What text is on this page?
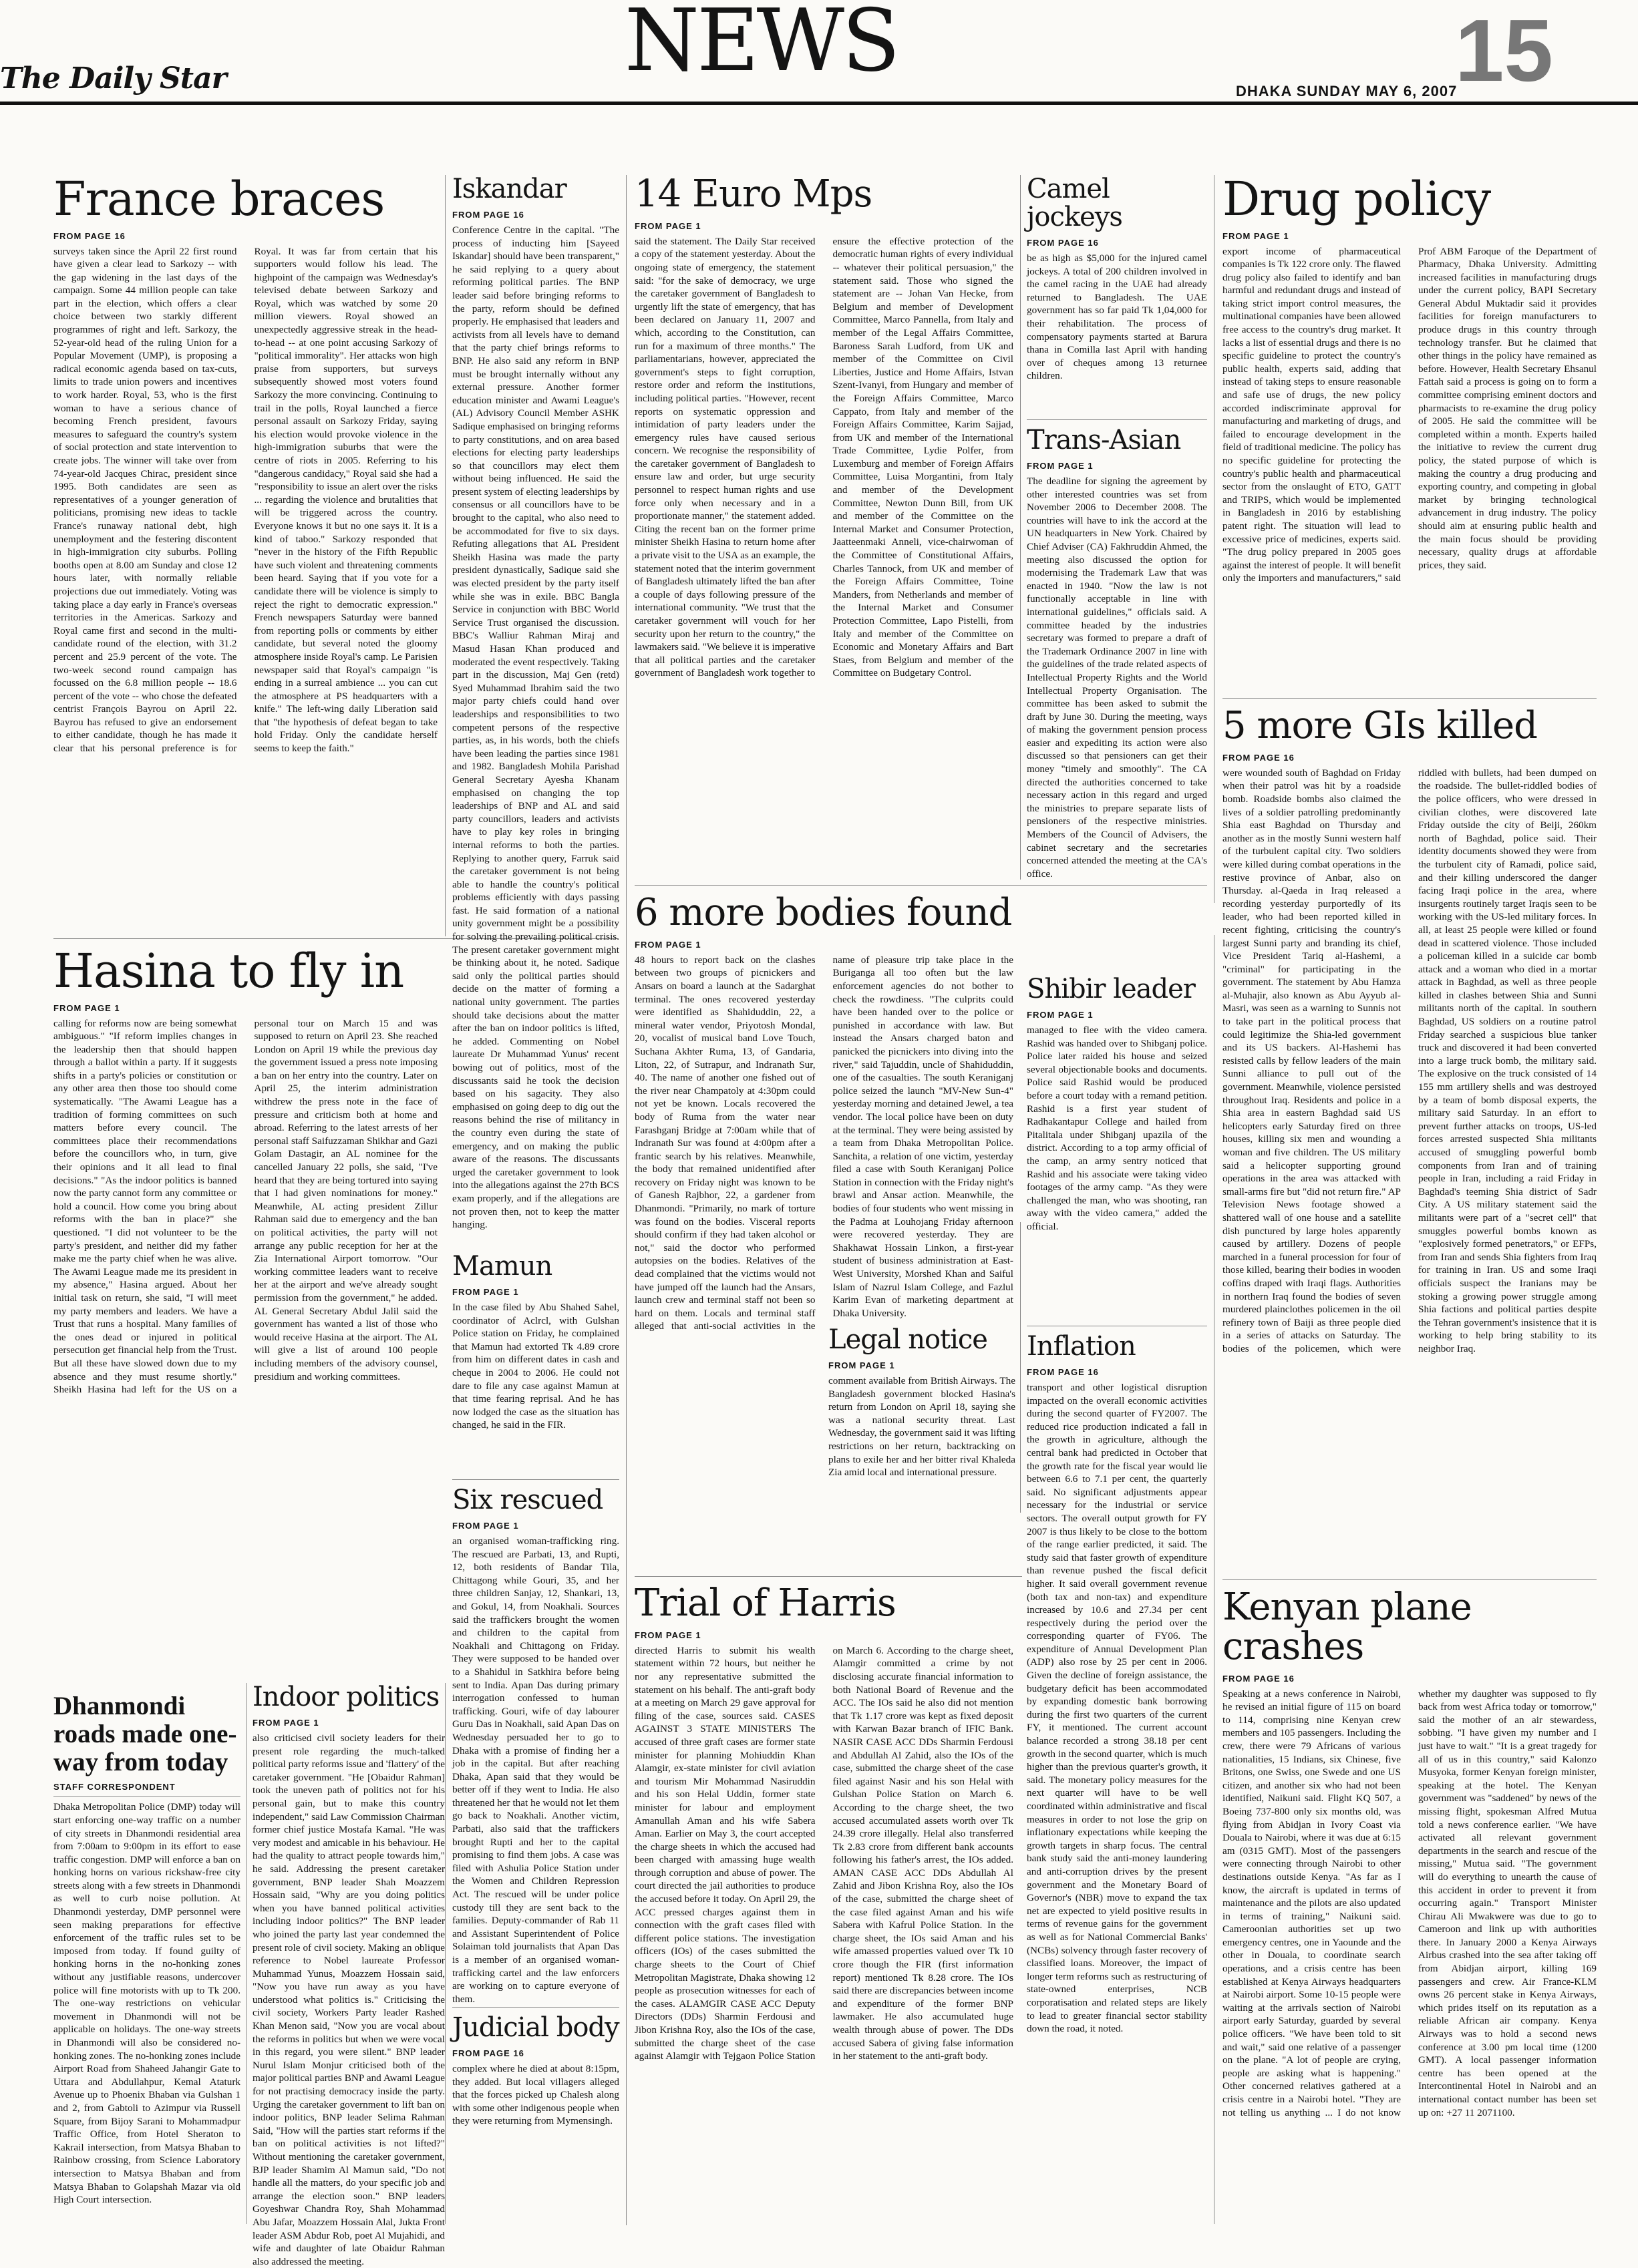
The Daily Star	NEWS
DHAKA SUNDAY MAY 6, 2007
15
France braces
FROM PAGE 16
surveys taken since the April 22 first round have given a clear lead to Sarkozy -- with the gap widening in the last days of the campaign. Some 44 million people can take part in the election, which offers a clear choice between two starkly different programmes of right and left. Sarkozy, the 52-year-old head of the ruling Union for a Popular Movement (UMP), is proposing a radical economic agenda based on tax-cuts, limits to trade union powers and incentives to work harder. Royal, 53, who is the first woman to have a serious chance of becoming French president, favours measures to safeguard the country's system of social protection and state intervention to create jobs. The winner will take over from 74-year-old Jacques Chirac, president since 1995. Both candidates are seen as representatives of a younger generation of politicians, promising new ideas to tackle France's runaway national debt, high unemployment and the festering discontent in high-immigration city suburbs. Polling booths open at 8.00 am Sunday and close 12 hours later, with normally reliable projections due out immediately. Voting was taking place a day early in France's overseas territories in the Americas. Sarkozy and Royal came first and second in the multi-candidate round of the election, with 31.2 percent and 25.9 percent of the vote. The two-week second round campaign has focussed on the 6.8 million people -- 18.6 percent of the vote -- who chose the defeated centrist François Bayrou on April 22. Bayrou has refused to give an endorsement to either candidate, though he has made it clear that his personal preference is for Royal. It was far from certain that his supporters would follow his lead. The highpoint of the campaign was Wednesday's televised debate between Sarkozy and Royal, which was watched by some 20 million viewers. Royal showed an unexpectedly aggressive streak in the head-to-head -- at one point accusing Sarkozy of "political immorality". Her attacks won high praise from supporters, but surveys subsequently showed most voters found Sarkozy the more convincing. Continuing to trail in the polls, Royal launched a fierce personal assault on Sarkozy Friday, saying his election would provoke violence in the high-immigration suburbs that were the centre of riots in 2005. Referring to his "dangerous candidacy," Royal said she had a "responsibility to issue an alert over the risks ... regarding the violence and brutalities that will be triggered across the country. Everyone knows it but no one says it. It is a kind of taboo." Sarkozy responded that "never in the history of the Fifth Republic have such violent and threatening comments been heard. Saying that if you vote for a candidate there will be violence is simply to reject the right to democratic expression." French newspapers Saturday were banned from reporting polls or comments by either candidate, but several noted the gloomy atmosphere inside Royal's camp. Le Parisien newspaper said that Royal's campaign "is ending in a surreal ambience ... you can cut the atmosphere at PS headquarters with a knife." The left-wing daily Liberation said that "the hypothesis of defeat began to take hold Friday. Only the candidate herself seems to keep the faith."
Iskandar
FROM PAGE 16
Conference Centre in the capital. "The process of inducting him [Sayeed Iskandar] should have been transparent," he said replying to a query about reforming political parties. The BNP leader said before bringing reforms to the party, reform should be defined properly. He emphasised that leaders and activists from all levels have to demand that the party chief brings reforms to BNP. He also said any reform in BNP must be brought internally without any external pressure. Another former education minister and Awami League's (AL) Advisory Council Member ASHK Sadique emphasised on bringing reforms to party constitutions, and on area based elections for electing party leaderships so that councillors may elect them without being influenced. He said the present system of electing leaderships by consensus or all councillors have to be brought to the capital, who also need to be accommodated for five to six days. Refuting allegations that AL President Sheikh Hasina was made the party president dynastically, Sadique said she was elected president by the party itself while she was in exile. BBC Bangla Service in conjunction with BBC World Service Trust organised the discussion. BBC's Walliur Rahman Miraj and Masud Hasan Khan produced and moderated the event respectively. Taking part in the discussion, Maj Gen (retd) Syed Muhammad Ibrahim said the two major party chiefs could hand over leaderships and responsibilities to two competent persons of the respective parties, as, in his words, both the chiefs have been leading the parties since 1981 and 1982. Bangladesh Mohila Parishad General Secretary Ayesha Khanam emphasised on changing the top leaderships of BNP and AL and said party councillors, leaders and activists have to play key roles in bringing internal reforms to both the parties. Replying to another query, Farruk said the caretaker government is not being able to handle the country's political problems efficiently with days passing fast. He said formation of a national unity government might be a possibility for solving the prevailing political crisis. The present caretaker government might be thinking about it, he noted. Sadique said only the political parties should decide on the matter of forming a national unity government. The parties should take decisions about the matter after the ban on indoor politics is lifted, he added. Commenting on Nobel laureate Dr Muhammad Yunus' recent bowing out of politics, most of the discussants said he took the decision based on his sagacity. They also emphasised on going deep to dig out the reasons behind the rise of militancy in the country even during the state of emergency, and on making the public aware of the reasons. The discussants urged the caretaker government to look into the allegations against the 27th BCS exam properly, and if the allegations are not proven then, not to keep the matter hanging.
Hasina to fly in
FROM PAGE 1
calling for reforms now are being somewhat ambiguous." "If reform implies changes in the leadership then that should happen through a ballot within a party. If it suggests shifts in a party's policies or constitution or any other area then those too should come systematically. "The Awami League has a tradition of forming committees on such matters before every council. The committees place their recommendations before the councillors who, in turn, give their opinions and it all lead to final decisions." "As the indoor politics is banned now the party cannot form any committee or hold a council. How come you bring about reforms with the ban in place?" she questioned. "I did not volunteer to be the party's president, and neither did my father make me the party chief when he was alive. The Awami League made me its president in my absence," Hasina argued. About her initial task on return, she said, "I will meet my party members and leaders. We have a Trust that runs a hospital. Many families of the ones dead or injured in political persecution get financial help from the Trust. But all these have slowed down due to my absence and they must resume shortly." Sheikh Hasina had left for the US on a personal tour on March 15 and was supposed to return on April 23. She reached London on April 19 while the previous day the government issued a press note imposing a ban on her entry into the country. Later on April 25, the interim administration withdrew the press note in the face of pressure and criticism both at home and abroad. Referring to the latest arrests of her personal staff Saifuzzaman Shikhar and Gazi Golam Dastagir, an AL nominee for the cancelled January 22 polls, she said, "I've heard that they are being tortured into saying that I had given nominations for money." Meanwhile, AL acting president Zillur Rahman said due to emergency and the ban on political activities, the party will not arrange any public reception for her at the Zia International Airport tomorrow. "Our working committee leaders want to receive her at the airport and we've already sought permission from the government," he added. AL General Secretary Abdul Jalil said the government has wanted a list of those who would receive Hasina at the airport. The AL will give a list of around 100 people including members of the advisory counsel, presidium and working committees.
Mamun
FROM PAGE 1
In the case filed by Abu Shahed Sahel, coordinator of Aclrcl, with Gulshan Police station on Friday, he complained that Mamun had extorted Tk 4.89 crore from him on different dates in cash and cheque in 2004 to 2006. He could not dare to file any case against Mamun at that time fearing reprisal. And he has now lodged the case as the situation has changed, he said in the FIR.
Dhanmondi roads made one-way from today
STAFF CORRESPONDENT
Dhaka Metropolitan Police (DMP) today will start enforcing one-way traffic on a number of city streets in Dhanmondi residential area from 7:00am to 9:00pm in its effort to ease traffic congestion. DMP will enforce a ban on honking horns on various rickshaw-free city streets along with a few streets in Dhanmondi as well to curb noise pollution. At Dhanmondi yesterday, DMP personnel were seen making preparations for effective enforcement of the traffic rules set to be imposed from today. If found guilty of honking horns in the no-honking zones without any justifiable reasons, undercover police will fine motorists with up to Tk 200. The one-way restrictions on vehicular movement in Dhanmondi will not be applicable on holidays. The one-way streets in Dhanmondi will also be considered no-honking zones. The no-honking zones include Airport Road from Shaheed Jahangir Gate to Uttara and Abdullahpur, Kemal Ataturk Avenue up to Phoenix Bhaban via Gulshan 1 and 2, from Gabtoli to Azimpur via Russell Square, from Bijoy Sarani to Mohammadpur Traffic Office, from Hotel Sheraton to Kakrail intersection, from Matsya Bhaban to Rainbow crossing, from Science Laboratory intersection to Matsya Bhaban and from Matsya Bhaban to Golapshah Mazar via old High Court intersection.
Indoor politics
FROM PAGE 1
also criticised civil society leaders for their present role regarding the much-talked political party reforms issue and 'flattery' of the caretaker government. "He [Obaidur Rahman] took the uneven path of politics not for his personal gain, but to make this country independent," said Law Commission Chairman former chief justice Mostafa Kamal. "He was very modest and amicable in his behaviour. He had the quality to attract people towards him," he said. Addressing the present caretaker government, BNP leader Shah Moazzem Hossain said, "Why are you doing politics when you have banned political activities including indoor politics?" The BNP leader who joined the party last year condemned the present role of civil society. Making an oblique reference to Nobel laureate Professor Muhammad Yunus, Moazzem Hossain said, "Now you have run away as you have understood what politics is." Criticising the civil society, Workers Party leader Rashed Khan Menon said, "Now you are vocal about the reforms in politics but when we were vocal in this regard, you were silent." BNP leader Nurul Islam Monjur criticised both of the major political parties BNP and Awami League for not practising democracy inside the party. Urging the caretaker government to lift ban on indoor politics, BNP leader Selima Rahman Said, "How will the parties start reforms if the ban on political activities is not lifted?" Without mentioning the caretaker government, BJP leader Shamim Al Mamun said, "Do not handle all the matters, do your specific job and arrange the election soon." BNP leaders Goyeshwar Chandra Roy, Shah Mohammad Abu Jafar, Moazzem Hossain Alal, Jukta Front leader ASM Abdur Rob, poet Al Mujahidi, and wife and daughter of late Obaidur Rahman also addressed the meeting.
Six rescued
FROM PAGE 1
an organised woman-trafficking ring. The rescued are Parbati, 13, and Rupti, 12, both residents of Bandar Tila, Chittagong while Gouri, 35, and her three children Sanjay, 12, Shankari, 13, and Gokul, 14, from Noakhali. Sources said the traffickers brought the women and children to the capital from Noakhali and Chittagong on Friday. They were supposed to be handed over to a Shahidul in Satkhira before being sent to India. Apan Das during primary interrogation confessed to human trafficking. Gouri, wife of day labourer Guru Das in Noakhali, said Apan Das on Wednesday persuaded her to go to Dhaka with a promise of finding her a job in the capital. But after reaching Dhaka, Apan said that they would be better off if they went to India. He also threatened her that he would not let them go back to Noakhali. Another victim, Parbati, also said that the traffickers brought Rupti and her to the capital promising to find them jobs. A case was filed with Ashulia Police Station under the Women and Children Repression Act. The rescued will be under police custody till they are sent back to the families. Deputy-commander of Rab 11 and Assistant Superintendent of Police Solaiman told journalists that Apan Das is a member of an organised woman-trafficking cartel and the law enforcers are working on to capture everyone of them.
Judicial body
FROM PAGE 16
complex where he died at about 8:15pm, they added. But local villagers alleged that the forces picked up Chalesh along with some other indigenous people when they were returning from Mymensingh.
14 Euro Mps
FROM PAGE 1
said the statement. The Daily Star received a copy of the statement yesterday. About the ongoing state of emergency, the statement said: "for the sake of democracy, we urge the caretaker government of Bangladesh to urgently lift the state of emergency, that has been declared on January 11, 2007 and which, according to the Constitution, can run for a maximum of three months." The parliamentarians, however, appreciated the government's steps to fight corruption, restore order and reform the institutions, including political parties. "However, recent reports on systematic oppression and intimidation of party leaders under the emergency rules have caused serious concern. We recognise the responsibility of the caretaker government of Bangladesh to ensure law and order, but urge security personnel to respect human rights and use force only when necessary and in a proportionate manner," the statement added. Citing the recent ban on the former prime minister Sheikh Hasina to return home after a private visit to the USA as an example, the statement noted that the interim government of Bangladesh ultimately lifted the ban after a couple of days following pressure of the international community. "We trust that the caretaker government will vouch for her security upon her return to the country," the lawmakers said. "We believe it is imperative that all political parties and the caretaker government of Bangladesh work together to ensure the effective protection of the democratic human rights of every individual -- whatever their political persuasion," the statement said. Those who signed the statement are -- Johan Van Hecke, from Belgium and member of Development Committee, Marco Pannella, from Italy and member of the Legal Affairs Committee, Baroness Sarah Ludford, from UK and member of the Committee on Civil Liberties, Justice and Home Affairs, Istvan Szent-Ivanyi, from Hungary and member of the Foreign Affairs Committee, Marco Cappato, from Italy and member of the Foreign Affairs Committee, Karim Sajjad, from UK and member of the International Trade Committee, Lydie Polfer, from Luxemburg and member of Foreign Affairs Committee, Luisa Morgantini, from Italy and member of the Development Committee, Newton Dunn Bill, from UK and member of the Committee on the Internal Market and Consumer Protection, Jaatteenmaki Anneli, vice-chairwoman of the Committee of Constitutional Affairs, Charles Tannock, from UK and member of the Foreign Affairs Committee, Toine Manders, from Netherlands and member of the Internal Market and Consumer Protection Committee, Lapo Pistelli, from Italy and member of the Committee on Economic and Monetary Affairs and Bart Staes, from Belgium and member of the Committee on Budgetary Control.
Camel jockeys
FROM PAGE 16
be as high as $5,000 for the injured camel jockeys. A total of 200 children involved in the camel racing in the UAE had already returned to Bangladesh. The UAE government has so far paid Tk 1,04,000 for their rehabilitation. The process of compensatory payments started at Barura thana in Comilla last April with handing over of cheques among 13 returnee children.
Trans-Asian
FROM PAGE 1
The deadline for signing the agreement by other interested countries was set from November 2006 to December 2008. The countries will have to ink the accord at the UN headquarters in New York. Chaired by Chief Adviser (CA) Fakhruddin Ahmed, the meeting also discussed the option for modernising the Trademark Law that was enacted in 1940. "Now the law is not functionally acceptable in line with international guidelines," officials said. A committee headed by the industries secretary was formed to prepare a draft of the Trademark Ordinance 2007 in line with the guidelines of the trade related aspects of Intellectual Property Rights and the World Intellectual Property Organisation. The committee has been asked to submit the draft by June 30. During the meeting, ways of making the government pension process easier and expediting its action were also discussed so that pensioners can get their money "timely and smoothly". The CA directed the authorities concerned to take necessary action in this regard and urged the ministries to prepare separate lists of pensioners of the respective ministries. Members of the Council of Advisers, the cabinet secretary and the secretaries concerned attended the meeting at the CA's office.
Drug policy
FROM PAGE 1
export income of pharmaceutical companies is Tk 122 crore only. The flawed drug policy also failed to identify and ban harmful and redundant drugs and instead of taking strict import control measures, the multinational companies have been allowed free access to the country's drug market. It lacks a list of essential drugs and there is no specific guideline to protect the country's public health, experts said, adding that instead of taking steps to ensure reasonable and safe use of drugs, the new policy accorded indiscriminate approval for manufacturing and marketing of drugs, and failed to encourage development in the field of traditional medicine. The policy has no specific guideline for protecting the country's public health and pharmaceutical sector from the onslaught of ETO, GATT and TRIPS, which would be implemented in Bangladesh in 2016 by establishing patent right. The situation will lead to excessive price of medicines, experts said. "The drug policy prepared in 2005 goes against the interest of people. It will benefit only the importers and manufacturers," said Prof ABM Faroque of the Department of Pharmacy, Dhaka University. Admitting increased facilities in manufacturing drugs under the current policy, BAPI Secretary General Abdul Muktadir said it provides facilities for foreign manufacturers to produce drugs in this country through technology transfer. But he claimed that other things in the policy have remained as before. However, Health Secretary Ehsanul Fattah said a process is going on to form a committee comprising eminent doctors and pharmacists to re-examine the drug policy of 2005. He said the committee will be completed within a month. Experts hailed the initiative to review the current drug policy, the stated purpose of which is making the country a drug producing and exporting country, and competing in global market by bringing technological advancement in drug industry. The policy should aim at ensuring public health and the main focus should be providing necessary, quality drugs at affordable prices, they said.
5 more GIs killed
FROM PAGE 16
were wounded south of Baghdad on Friday when their patrol was hit by a roadside bomb. Roadside bombs also claimed the lives of a soldier patrolling predominantly Shia east Baghdad on Thursday and another as in the mostly Sunni western half of the turbulent capital city. Two soldiers were killed during combat operations in the restive province of Anbar, also on Thursday. al-Qaeda in Iraq released a recording yesterday purportedly of its leader, who had been reported killed in recent fighting, criticising the country's largest Sunni party and branding its chief, Vice President Tariq al-Hashemi, a "criminal" for participating in the government. The statement by Abu Hamza al-Muhajir, also known as Abu Ayyub al-Masri, was seen as a warning to Sunnis not to take part in the political process that could legitimize the Shia-led government and its US backers. Al-Hashemi has resisted calls by fellow leaders of the main Sunni alliance to pull out of the government. Meanwhile, violence persisted throughout Iraq. Residents and police in a Shia area in eastern Baghdad said US helicopters early Saturday fired on three houses, killing six men and wounding a woman and five children. The US military said a helicopter supporting ground operations in the area was attacked with small-arms fire but "did not return fire." AP Television News footage showed a shattered wall of one house and a satellite dish punctured by large holes apparently caused by artillery. Dozens of people marched in a funeral procession for four of those killed, bearing their bodies in wooden coffins draped with Iraqi flags. Authorities in northern Iraq found the bodies of seven murdered plainclothes policemen in the oil refinery town of Baiji as three people died in a series of attacks on Saturday. The bodies of the policemen, which were riddled with bullets, had been dumped on the roadside. The bullet-riddled bodies of the police officers, who were dressed in civilian clothes, were discovered late Friday outside the city of Beiji, 260km north of Baghdad, police said. Their identity documents showed they were from the turbulent city of Ramadi, police said, and their killing underscored the danger facing Iraqi police in the area, where insurgents routinely target Iraqis seen to be working with the US-led military forces. In all, at least 25 people were killed or found dead in scattered violence. Those included a policeman killed in a suicide car bomb attack and a woman who died in a mortar attack in Baghdad, as well as three people killed in clashes between Shia and Sunni militants north of the capital. In southern Baghdad, US soldiers on a routine patrol Friday searched a suspicious blue tanker truck and discovered it had been converted into a large truck bomb, the military said. The explosive on the truck consisted of 14 155 mm artillery shells and was destroyed by a team of bomb disposal experts, the military said Saturday. In an effort to prevent further attacks on troops, US-led forces arrested suspected Shia militants accused of smuggling powerful bomb components from Iran and of training people in Iran, including a raid Friday in Baghdad's teeming Shia district of Sadr City. A US military statement said the militants were part of a "secret cell" that smuggles powerful bombs known as "explosively formed penetrators," or EFPs, from Iran and sends Shia fighters from Iraq for training in Iran. US and some Iraqi officials suspect the Iranians may be stoking a growing power struggle among Shia factions and political parties despite the Tehran government's insistence that it is working to help bring stability to its neighbor Iraq.
6 more bodies found
FROM PAGE 1
48 hours to report back on the clashes between two groups of picnickers and Ansars on board a launch at the Sadarghat terminal. The ones recovered yesterday were identified as Shahiduddin, 22, a mineral water vendor, Priyotosh Mondal, 20, vocalist of musical band Love Touch, Suchana Akhter Ruma, 13, of Gandaria, Liton, 22, of Sutrapur, and Indranath Sur, 40. The name of another one fished out of the river near Champatoly at 4:30pm could not yet be known. Locals recovered the body of Ruma from the water near Farashganj Bridge at 7:00am while that of Indranath Sur was found at 4:00pm after a frantic search by his relatives. Meanwhile, the body that remained unidentified after recovery on Friday night was known to be of Ganesh Rajbhor, 22, a gardener from Dhanmondi. "Primarily, no mark of torture was found on the bodies. Visceral reports should confirm if they had taken alcohol or not," said the doctor who performed autopsies on the bodies. Relatives of the dead complained that the victims would not have jumped off the launch had the Ansars, launch crew and terminal staff not been so hard on them. Locals and terminal staff alleged that anti-social activities in the name of pleasure trip take place in the Buriganga all too often but the law enforcement agencies do not bother to check the rowdiness. "The culprits could have been handed over to the police or punished in accordance with law. But instead the Ansars charged baton and panicked the picnickers into diving into the river," said Tajuddin, uncle of Shahiduddin, one of the casualties. The south Keraniganj police seized the launch "MV-New Sun-4" yesterday morning and detained Jewel, a tea vendor. The local police have been on duty at the terminal. They were being assisted by a team from Dhaka Metropolitan Police. Sanchita, a relation of one victim, yesterday filed a case with South Keraniganj Police Station in connection with the Friday night's brawl and Ansar action. Meanwhile, the bodies of four students who went missing in the Padma at Louhojang Friday afternoon were recovered yesterday. They are Shakhawat Hossain Linkon, a first-year student of business administration at East-West University, Morshed Khan and Saiful Islam of Nazrul Islam College, and Fazlul Karim Evan of marketing department at Dhaka University.
Shibir leader
FROM PAGE 1
managed to flee with the video camera. Rashid was handed over to Shibganj police. Police later raided his house and seized several objectionable books and documents. Police said Rashid would be produced before a court today with a remand petition. Rashid is a first year student of Radhakantapur College and hailed from Pitalitala under Shibganj upazila of the district. According to a top army official of the camp, an army sentry noticed that Rashid and his associate were taking video footages of the army camp. "As they were challenged the man, who was shooting, ran away with the video camera," added the official.
Legal notice
FROM PAGE 1
comment available from British Airways. The Bangladesh government blocked Hasina's return from London on April 18, saying she was a national security threat. Last Wednesday, the government said it was lifting restrictions on her return, backtracking on plans to exile her and her bitter rival Khaleda Zia amid local and international pressure.
Inflation
FROM PAGE 16
transport and other logistical disruption impacted on the overall economic activities during the second quarter of FY2007. The reduced rice production indicated a fall in the growth in agriculture, although the central bank had predicted in October that the growth rate for the fiscal year would lie between 6.6 to 7.1 per cent, the quarterly said. No significant adjustments appear necessary for the industrial or service sectors. The overall output growth for FY 2007 is thus likely to be close to the bottom of the range earlier predicted, it said. The study said that faster growth of expenditure than revenue pushed the fiscal deficit higher. It said overall government revenue (both tax and non-tax) and expenditure increased by 10.6 and 27.34 per cent respectively during the period over the corresponding quarter of FY06. The expenditure of Annual Development Plan (ADP) also rose by 25 per cent in 2006. Given the decline of foreign assistance, the budgetary deficit has been accommodated by expanding domestic bank borrowing during the first two quarters of the current FY, it mentioned. The current account balance recorded a strong 38.18 per cent growth in the second quarter, which is much higher than the previous quarter's growth, it said. The monetary policy measures for the next quarter will have to be well coordinated within administrative and fiscal measures in order to not lose the grip on inflationary expectations while keeping the growth targets in sharp focus. The central bank study said the anti-money laundering and anti-corruption drives by the present government and the Monetary Board of Governor's (NBR) move to expand the tax net are expected to yield positive results in terms of revenue gains for the government as well as for National Commercial Banks' (NCBs) solvency through faster recovery of classified loans. Moreover, the impact of longer term reforms such as restructuring of state-owned enterprises, NCB corporatisation and related steps are likely to lead to greater financial sector stability down the road, it noted.
Trial of Harris
FROM PAGE 1
directed Harris to submit his wealth statement within 72 hours, but neither he nor any representative submitted the statement on his behalf. The anti-graft body at a meeting on March 29 gave approval for filing of the case, sources said. CASES AGAINST 3 STATE MINISTERS The accused of three graft cases are former state minister for planning Mohiuddin Khan Alamgir, ex-state minister for civil aviation and tourism Mir Mohammad Nasiruddin and his son Helal Uddin, former state minister for labour and employment Amanullah Aman and his wife Sabera Aman. Earlier on May 3, the court accepted the charge sheets in which the accused had been charged with amassing huge wealth through corruption and abuse of power. The court directed the jail authorities to produce the accused before it today. On April 29, the ACC pressed charges against them in connection with the graft cases filed with different police stations. The investigation officers (IOs) of the cases submitted the charge sheets to the Court of Chief Metropolitan Magistrate, Dhaka showing 12 people as prosecution witnesses for each of the cases. ALAMGIR CASE ACC Deputy Directors (DDs) Sharmin Ferdousi and Jibon Krishna Roy, also the IOs of the case, submitted the charge sheet of the case against Alamgir with Tejgaon Police Station on March 6. According to the charge sheet, Alamgir committed a crime by not disclosing accurate financial information to both National Board of Revenue and the ACC. The IOs said he also did not mention that Tk 1.17 crore was kept as fixed deposit with Karwan Bazar branch of IFIC Bank. NASIR CASE ACC DDs Sharmin Ferdousi and Abdullah Al Zahid, also the IOs of the case, submitted the charge sheet of the case filed against Nasir and his son Helal with Gulshan Police Station on March 6. According to the charge sheet, the two accused accumulated assets worth over Tk 24.39 crore illegally. Helal also transferred Tk 2.83 crore from different bank accounts following his father's arrest, the IOs added. AMAN CASE ACC DDs Abdullah Al Zahid and Jibon Krishna Roy, also the IOs of the case, submitted the charge sheet of the case filed against Aman and his wife Sabera with Kafrul Police Station. In the charge sheet, the IOs said Aman and his wife amassed properties valued over Tk 10 crore though the FIR (first information report) mentioned Tk 8.28 crore. The IOs said there are discrepancies between income and expenditure of the former BNP lawmaker. He also accumulated huge wealth through abuse of power. The DDs accused Sabera of giving false information in her statement to the anti-graft body.
Kenyan plane crashes
FROM PAGE 16
Speaking at a news conference in Nairobi, he revised an initial figure of 115 on board to 114, comprising nine Kenyan crew members and 105 passengers. Including the crew, there were 79 Africans of various nationalities, 15 Indians, six Chinese, five Britons, one Swiss, one Swede and one US citizen, and another six who had not been identified, Naikuni said. Flight KQ 507, a Boeing 737-800 only six months old, was flying from Abidjan in Ivory Coast via Douala to Nairobi, where it was due at 6:15 am (0315 GMT). Most of the passengers were connecting through Nairobi to other destinations outside Kenya. "As far as I know, the aircraft is updated in terms of maintenance and the pilots are also updated in terms of training," Naikuni said. Cameroonian authorities set up two emergency centres, one in Yaounde and the other in Douala, to coordinate search operations, and a crisis centre has been established at Kenya Airways headquarters at Nairobi airport. Some 10-15 people were waiting at the arrivals section of Nairobi airport early Saturday, guarded by several police officers. "We have been told to sit and wait," said one relative of a passenger on the plane. "A lot of people are crying, people are asking what is happening." Other concerned relatives gathered at a crisis centre in a Nairobi hotel. "They are not telling us anything ... I do not know whether my daughter was supposed to fly back from west Africa today or tomorrow," said the mother of an air stewardess, sobbing. "I have given my number and I just have to wait." "It is a great tragedy for all of us in this country," said Kalonzo Musyoka, former Kenyan foreign minister, speaking at the hotel. The Kenyan government was "saddened" by news of the missing flight, spokesman Alfred Mutua told a news conference earlier. "We have activated all relevant government departments in the search and rescue of the missing," Mutua said. "The government will do everything to unearth the cause of this accident in order to prevent it from occurring again." Transport Minister Chirau Ali Mwakwere was due to go to Cameroon and link up with authorities there. In January 2000 a Kenya Airways Airbus crashed into the sea after taking off from Abidjan airport, killing 169 passengers and crew. Air France-KLM owns 26 percent stake in Kenya Airways, which prides itself on its reputation as a reliable African air company. Kenya Airways was to hold a second news conference at 3.00 pm local time (1200 GMT). A local passenger information centre has been opened at the Intercontinental Hotel in Nairobi and an international contact number has been set up on: +27 11 2071100.
